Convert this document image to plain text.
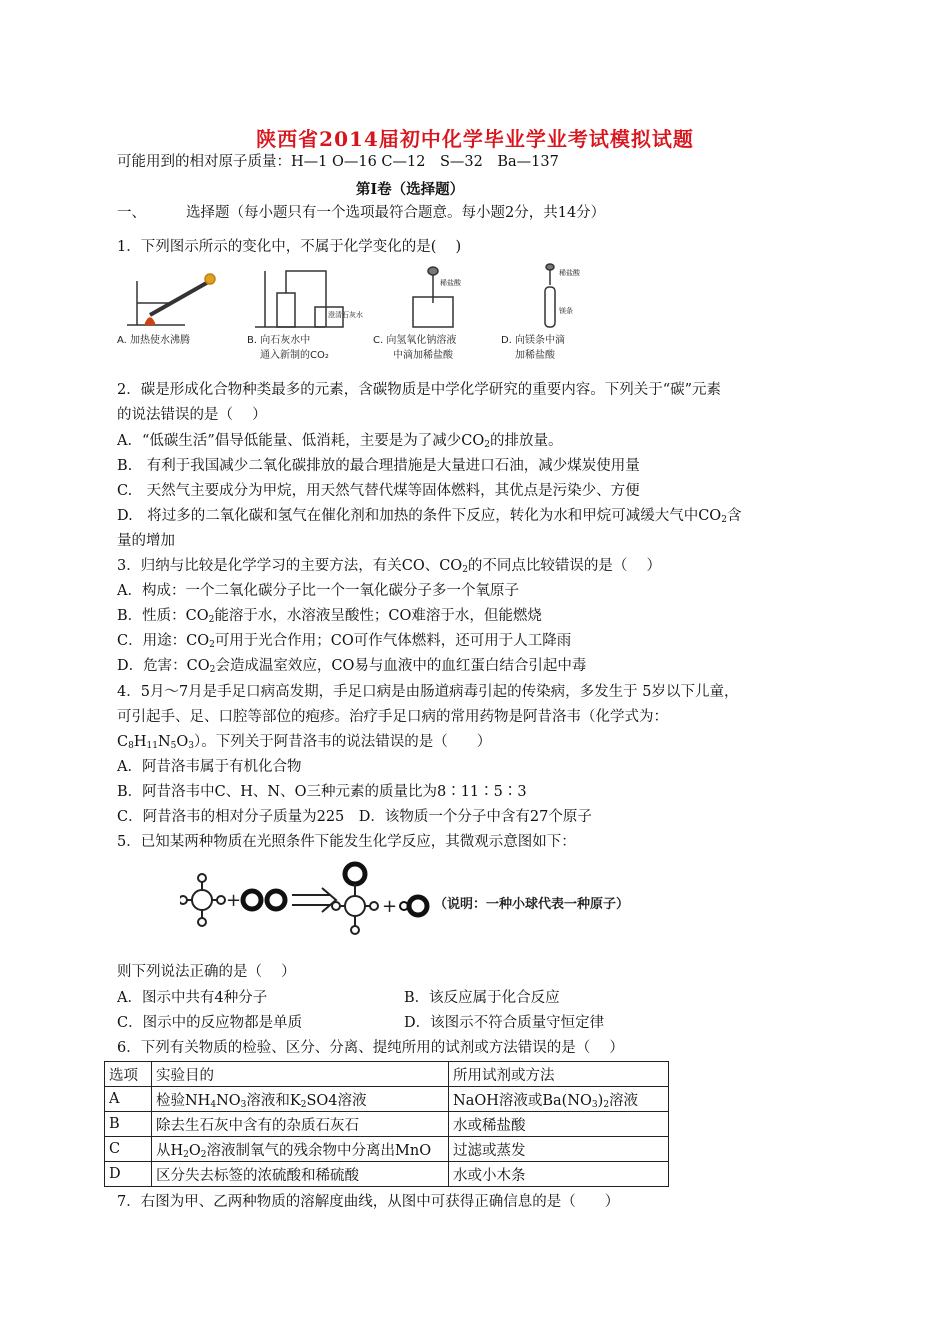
陕西省2014届初中化学毕业学业考试模拟试题
可能用到的相对原子质量：H—1 O—16 C—12　S—32　Ba—137
第Ⅰ卷（选择题）
一、	选择题（每小题只有一个选项最符合题意。每小题2分，共14分）
1．下列图示所示的变化中，不属于化学变化的是(　 )
A. 加热使水沸腾
澄清石灰水
B. 向石灰水中
通入新制的CO₂
稀盐酸
C. 向氢氧化钠溶液
中滴加稀盐酸
稀盐酸
镁条
D. 向镁条中滴
加稀盐酸
2．碳是形成化合物种类最多的元素，含碳物质是中学化学研究的重要内容。下列关于“碳”元素
的说法错误的是（　 ）
A．“低碳生活”倡导低能量、低消耗，主要是为了减少$CO_2$的排放量。
B.　有利于我国减少二氧化碳排放的最合理措施是大量进口石油，减少煤炭使用量
C.　天然气主要成分为甲烷，用天然气替代煤等固体燃料，其优点是污染少、方便
D.　将过多的二氧化碳和氢气在催化剂和加热的条件下反应，转化为水和甲烷可减缓大气中$CO_2$含
量的增加
3．归纳与比较是化学学习的主要方法，有关CO、$CO_2$的不同点比较错误的是（　 ）
A．构成：一个二氧化碳分子比一个一氧化碳分子多一个氧原子
B．性质：$CO_2$能溶于水，水溶液呈酸性；CO难溶于水，但能燃烧
C．用途：$CO_2$可用于光合作用；CO可作气体燃料，还可用于人工降雨
D．危害：$CO_2$会造成温室效应，CO易与血液中的血红蛋白结合引起中毒
4．5月～7月是手足口病高发期，手足口病是由肠道病毒引起的传染病，多发生于 5岁以下儿童，
可引起手、足、口腔等部位的疱疹。治疗手足口病的常用药物是阿昔洛韦（化学式为：
$C_8H_{11}N_5O_3$）。下列关于阿昔洛韦的说法错误的是（　　）
A．阿昔洛韦属于有机化合物
B．阿昔洛韦中C、H、N、O三种元素的质量比为8∶11∶5∶3
C．阿昔洛韦的相对分子质量为225　D．该物质一个分子中含有27个原子
5．已知某两种物质在光照条件下能发生化学反应，其微观示意图如下：
+	+	（说明：一种小球代表一种原子）
则下列说法正确的是（　 ）
A．图示中共有4种分子	B．该反应属于化合反应
C．图示中的反应物都是单质	D．该图示不符合质量守恒定律
6．下列有关物质的检验、区分、分离、提纯所用的试剂或方法错误的是（　 ）
选项	实验目的	所用试剂或方法
A	检验$NH_4NO_3$溶液和$K_2SO4$溶液	NaOH溶液或$Ba(NO_3)_2$溶液
B	除去生石灰中含有的杂质石灰石	水或稀盐酸
C	从$H_2O_2$溶液制氧气的残余物中分离出MnO	过滤或蒸发
D	区分失去标签的浓硫酸和稀硫酸	水或小木条
7．右图为甲、乙两种物质的溶解度曲线，从图中可获得正确信息的是（　　）
